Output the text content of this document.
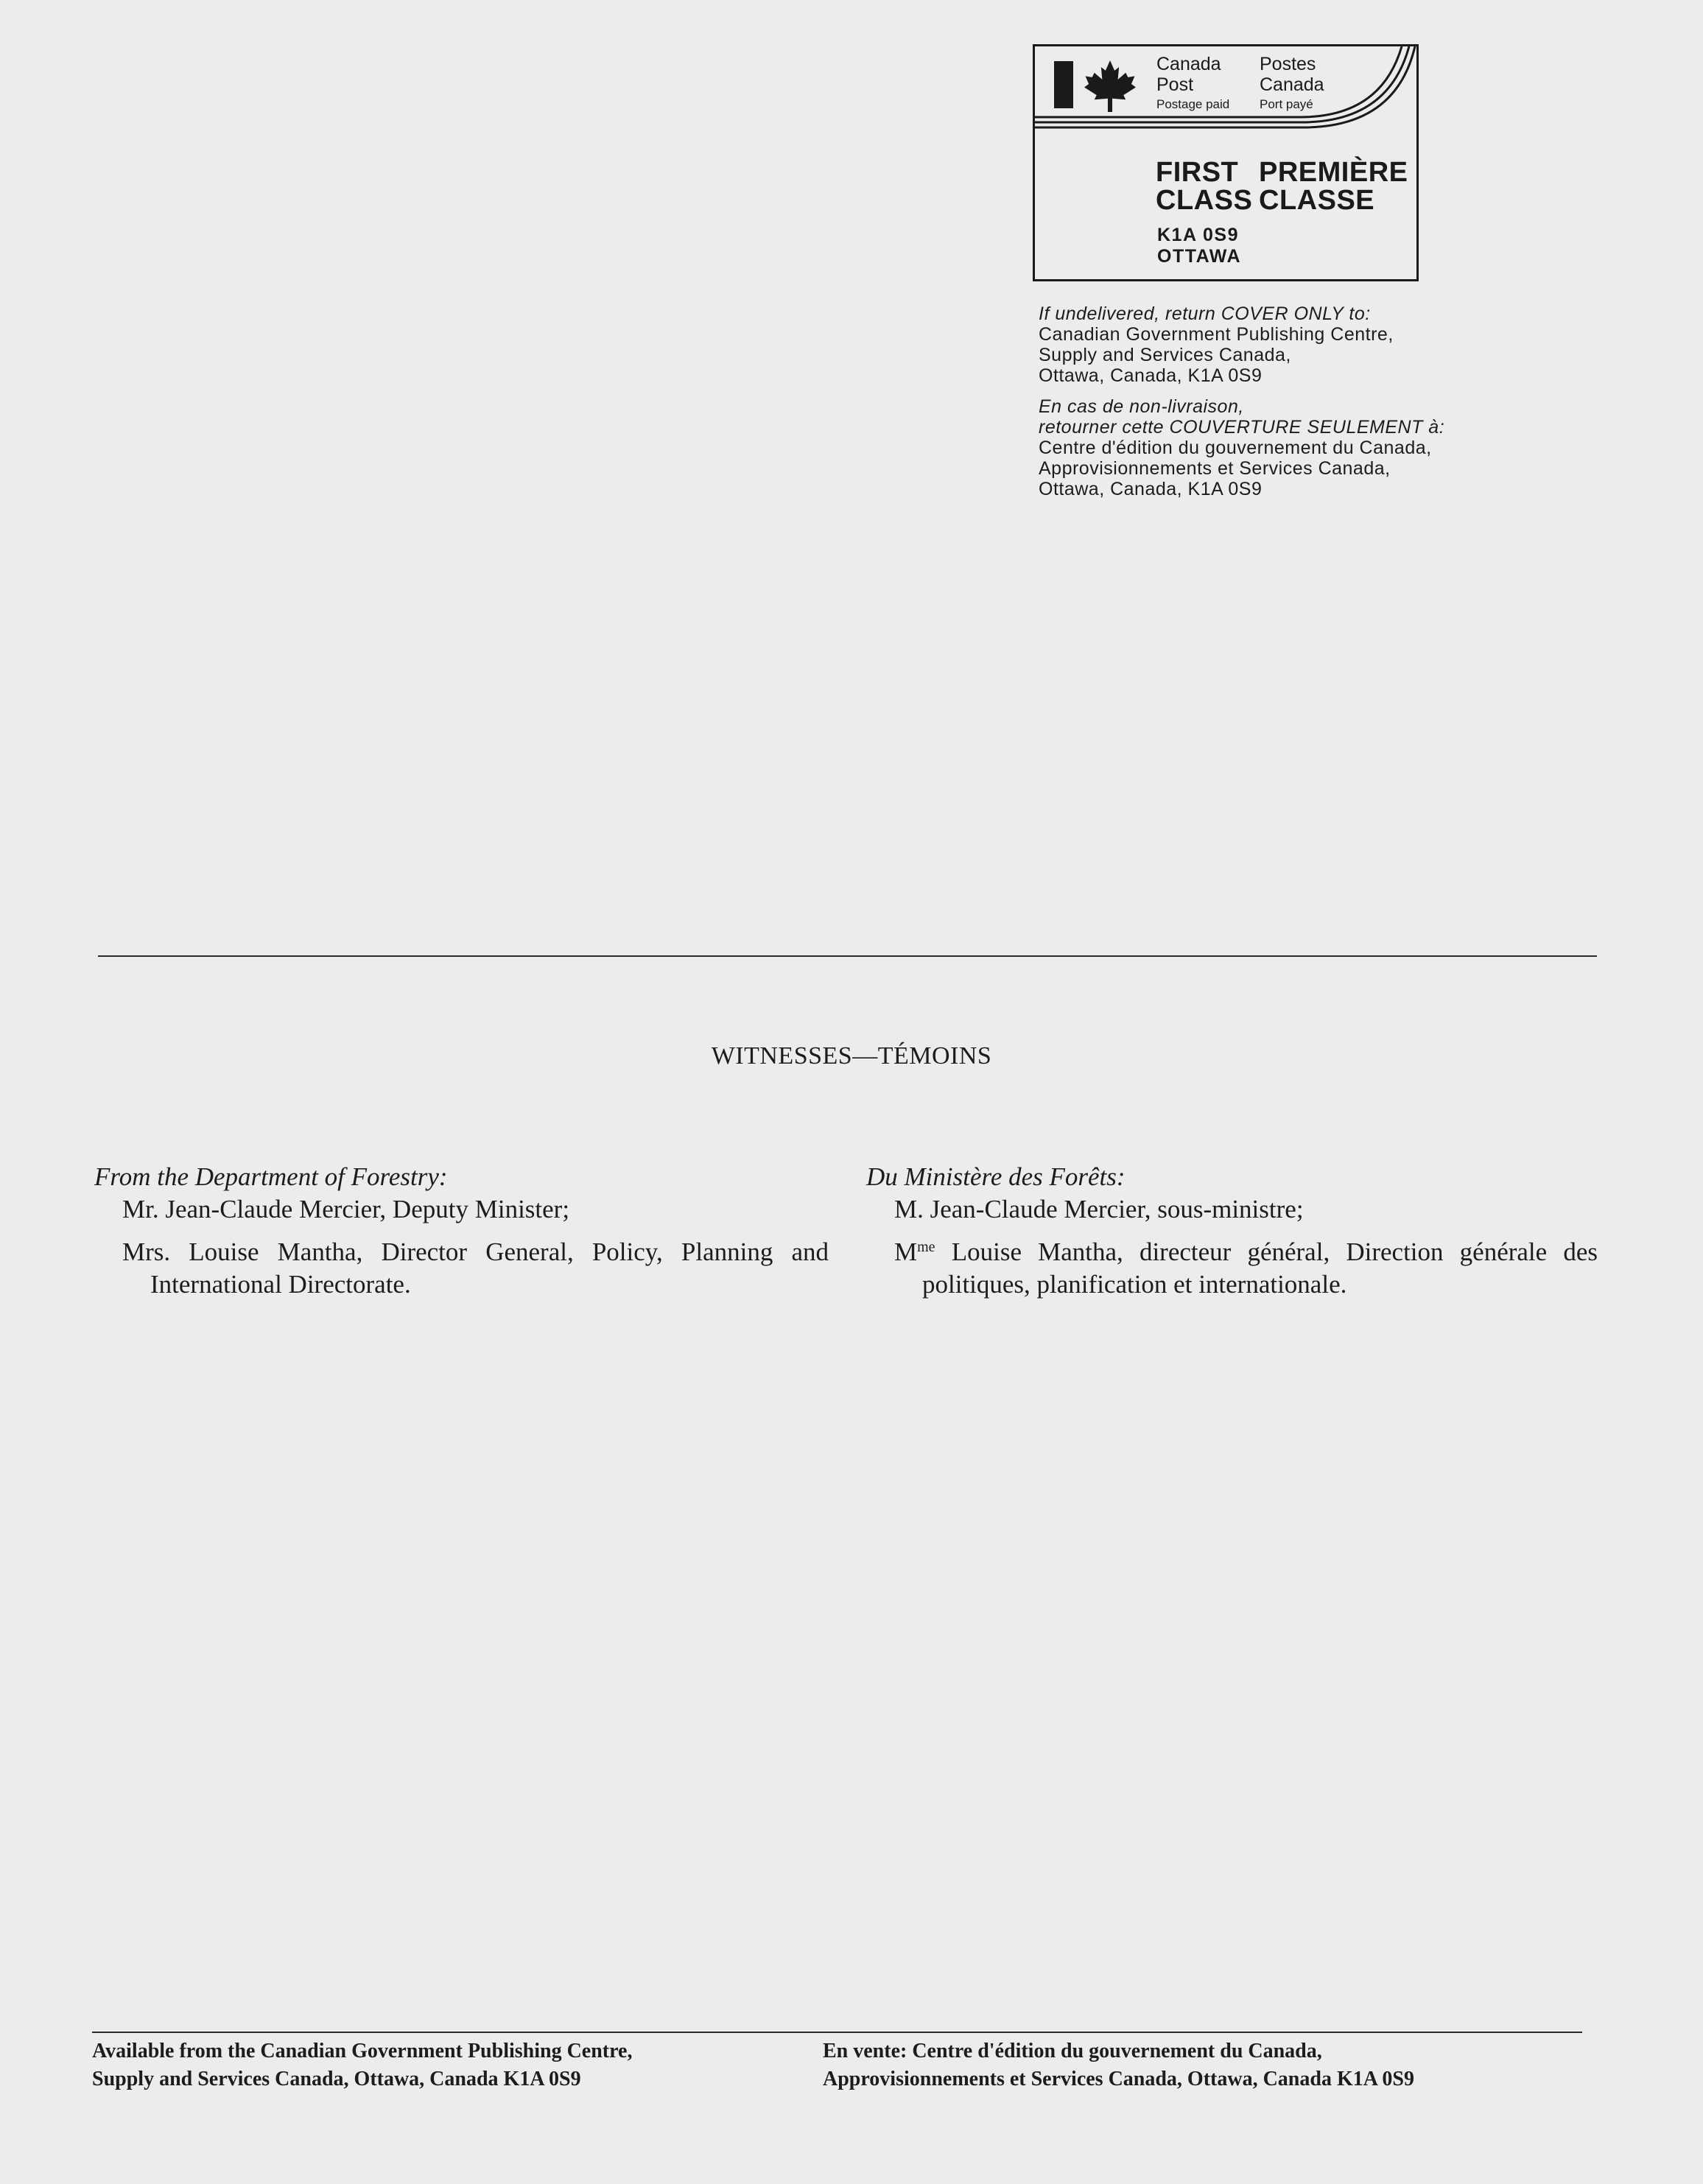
Canada
Post
Postage paid
Postes
Canada
Port payé
FIRST
CLASS
PREMIÈRE
CLASSE
K1A 0S9
OTTAWA
If undelivered, return COVER ONLY to:
Canadian Government Publishing Centre,
Supply and Services Canada,
Ottawa, Canada, K1A 0S9
En cas de non-livraison,
retourner cette COUVERTURE SEULEMENT à:
Centre d'édition du gouvernement du Canada,
Approvisionnements et Services Canada,
Ottawa, Canada, K1A 0S9
WITNESSES—TÉMOINS
From the Department of Forestry:
Mr. Jean-Claude Mercier, Deputy Minister;
Mrs. Louise Mantha, Director General, Policy, Planning and International Directorate.
Du Ministère des Forêts:
M. Jean-Claude Mercier, sous-ministre;
$M^{me}$ Louise Mantha, directeur général, Direction générale des politiques, planification et internationale.
Available from the Canadian Government Publishing Centre,
Supply and Services Canada, Ottawa, Canada K1A 0S9
En vente: Centre d'édition du gouvernement du Canada,
Approvisionnements et Services Canada, Ottawa, Canada K1A 0S9
